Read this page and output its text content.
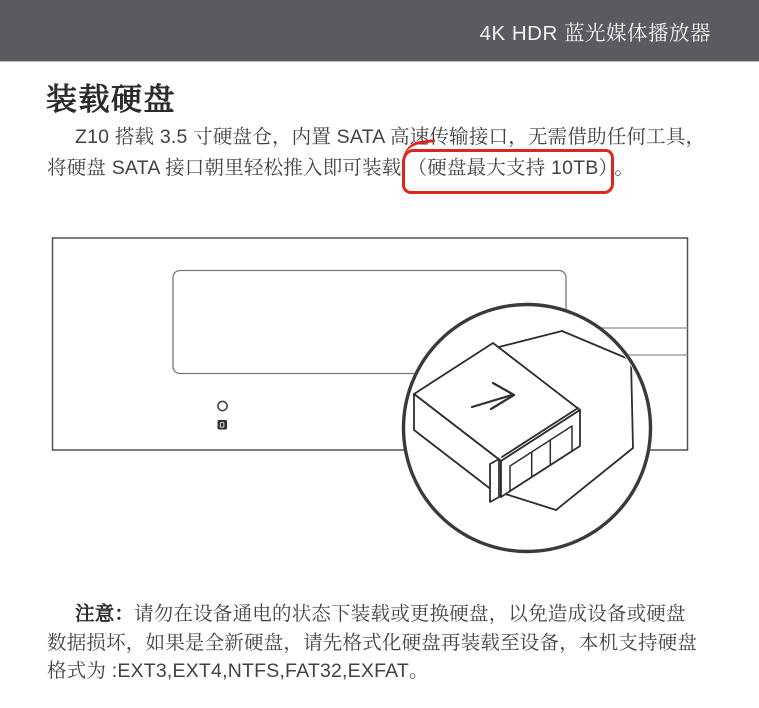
4K HDR 蓝光媒体播放器
装载硬盘

Z10 搭载 3.5 寸硬盘仓，内置 SATA 高速传输接口，无需借助任何工具，
将硬盘 SATA 接口朝里轻松推入即可装载 （硬盘最大支持 10TB） 。

注意：请勿在设备通电的状态下装载或更换硬盘，以免造成设备或硬盘
数据损坏，如果是全新硬盘，请先格式化硬盘再装载至设备，本机支持硬盘
格式为 :EXT3,EXT4,NTFS,FAT32,EXFAT。
